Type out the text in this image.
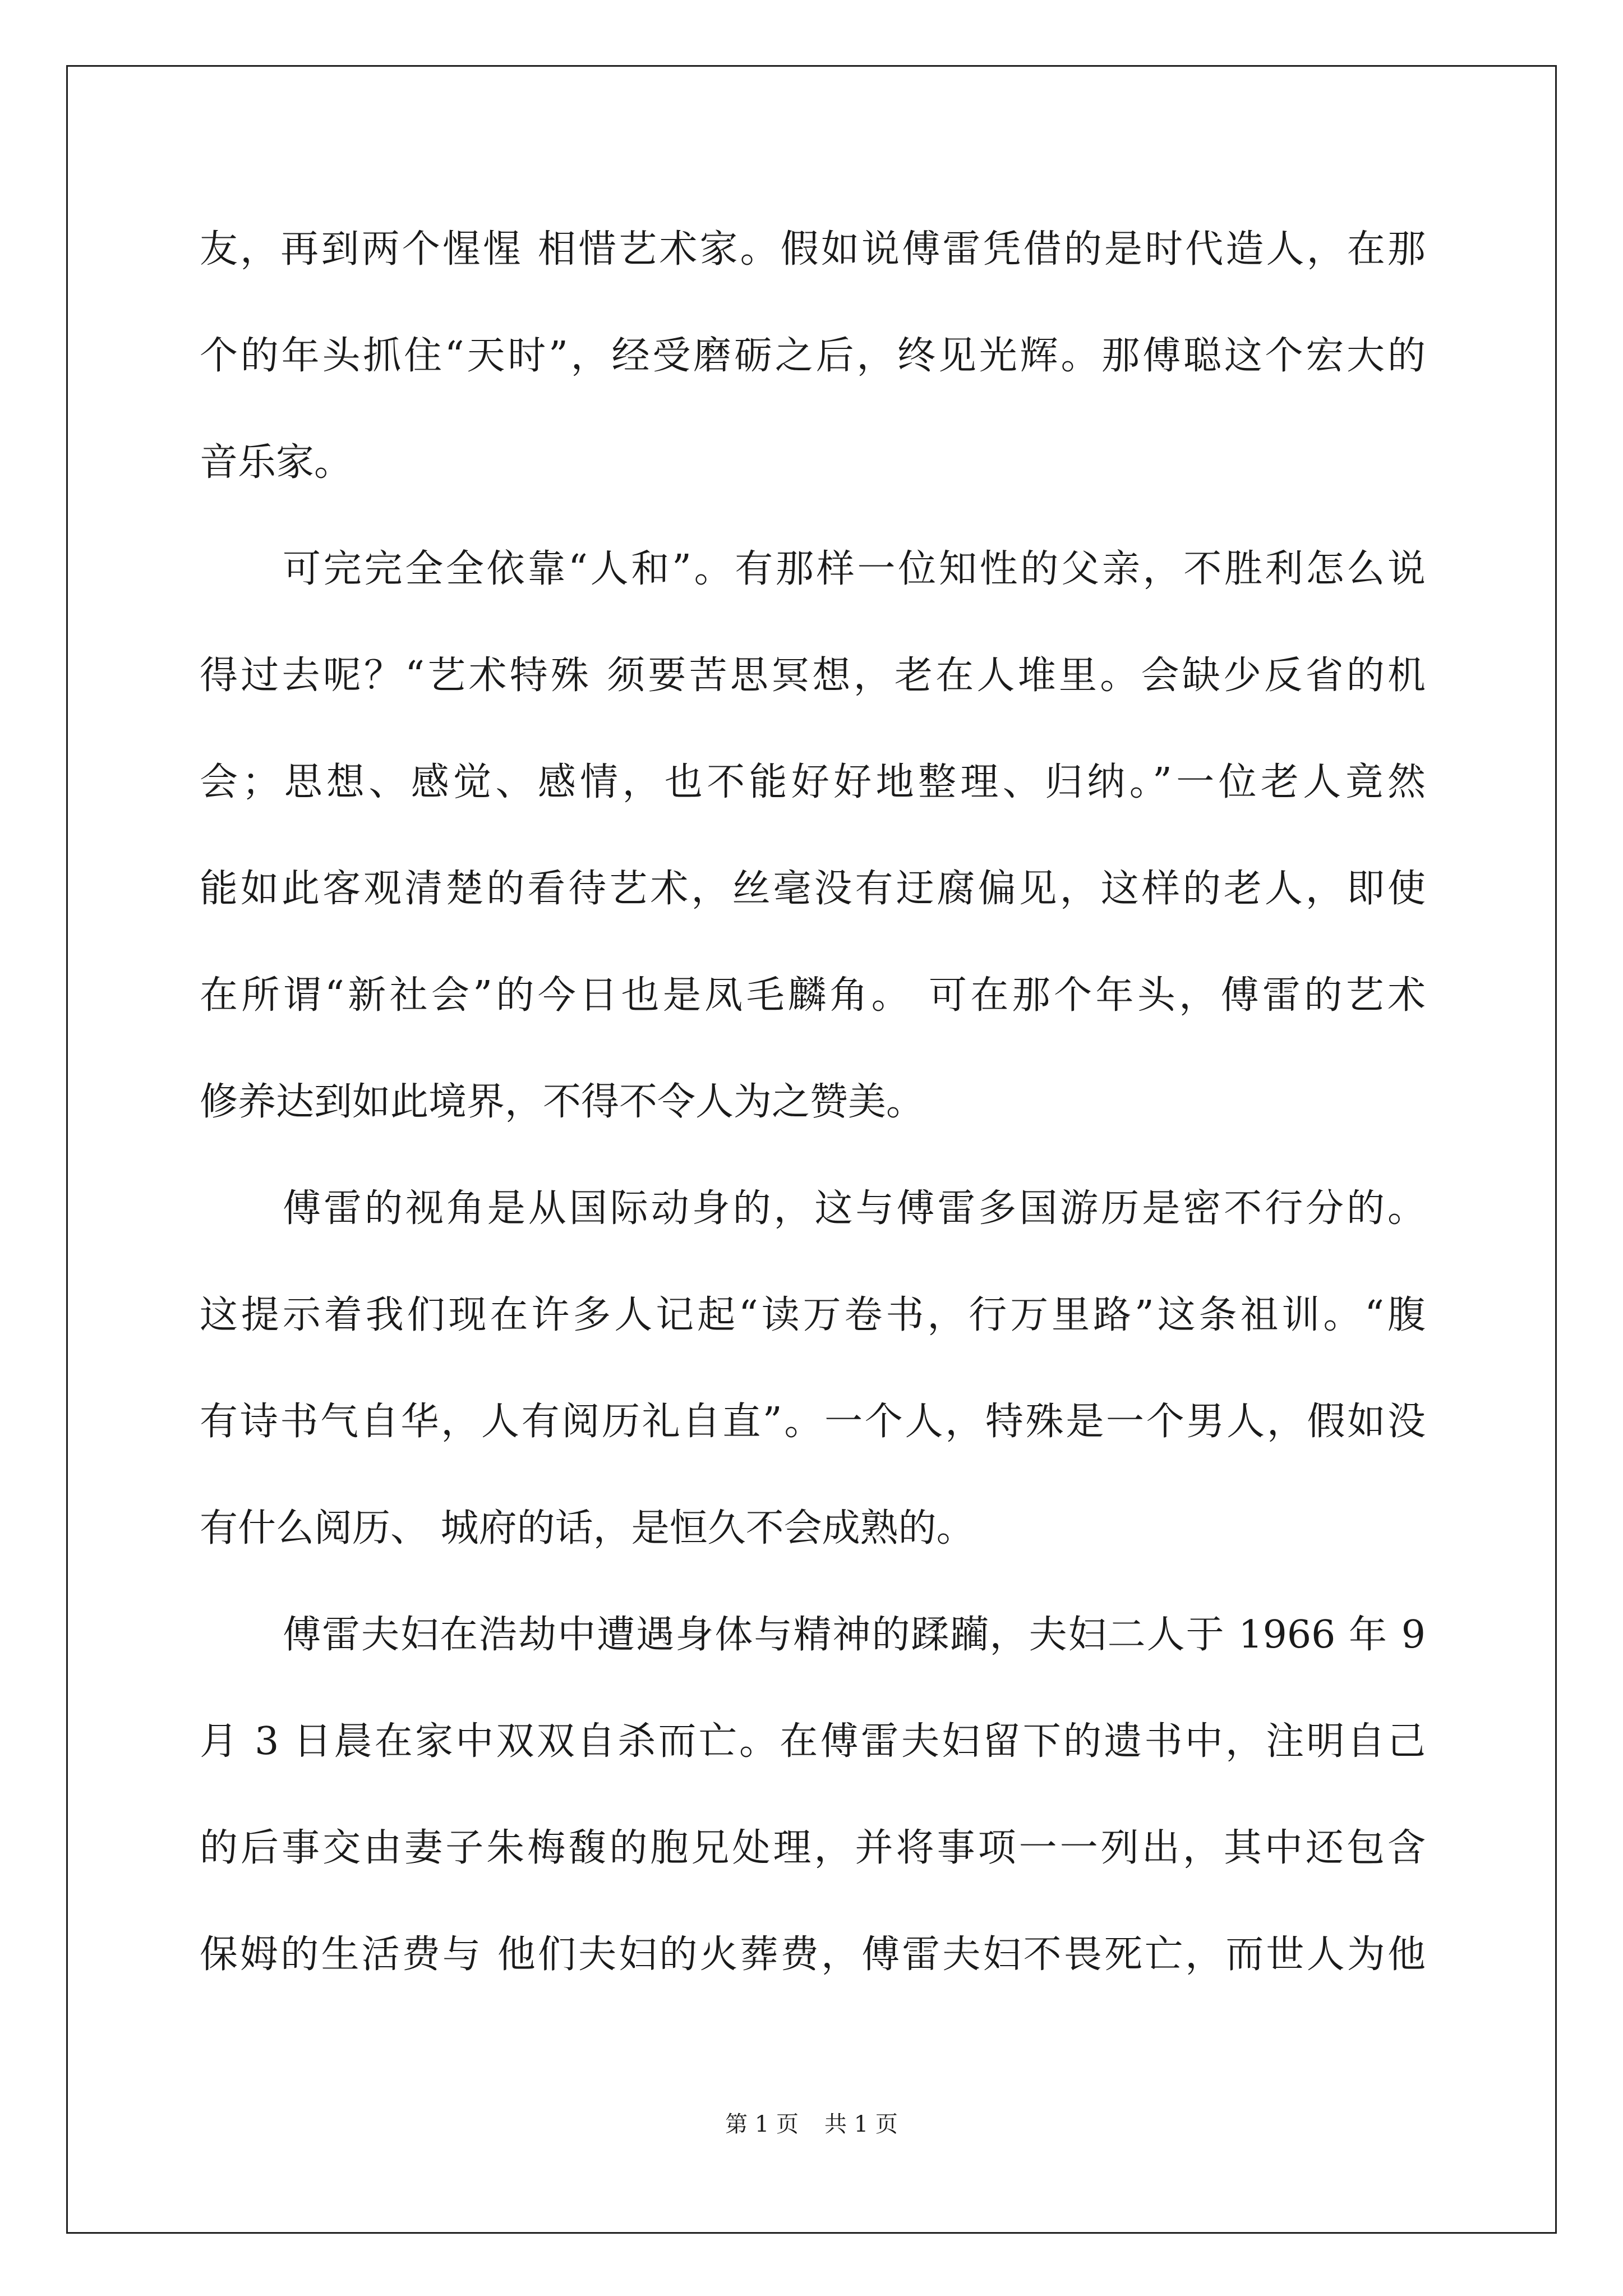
友，再到两个惺惺 相惜艺术家。假如说傅雷凭借的是时代造人，在那
个的年头抓住“天时”，经受磨砺之后，终见光辉。那傅聪这个宏大的
音乐家。
可完完全全依靠“人和”。有那样一位知性的父亲，不胜利怎么说
得过去呢？“艺术特殊 须要苦思冥想，老在人堆里。会缺少反省的机
会；思想、感觉、感情，也不能好好地整理、归纳。”一位老人竟然
能如此客观清楚的看待艺术，丝毫没有迂腐偏见，这样的老人，即使
在所谓“新社会”的今日也是凤毛麟角。 可在那个年头，傅雷的艺术
修养达到如此境界，不得不令人为之赞美。
傅雷的视角是从国际动身的，这与傅雷多国游历是密不行分的。
这提示着我们现在许多人记起“读万卷书，行万里路”这条祖训。“腹
有诗书气自华，人有阅历礼自直”。一个人，特殊是一个男人，假如没
有什么阅历、 城府的话，是恒久不会成熟的。
傅雷夫妇在浩劫中遭遇身体与精神的蹂躏，夫妇二人于 1966 年 9
月 3 日晨在家中双双自杀而亡。在傅雷夫妇留下的遗书中，注明自己
的后事交由妻子朱梅馥的胞兄处理，并将事项一一列出，其中还包含
保姆的生活费与 他们夫妇的火葬费，傅雷夫妇不畏死亡，而世人为他
第 1 页 共 1 页
